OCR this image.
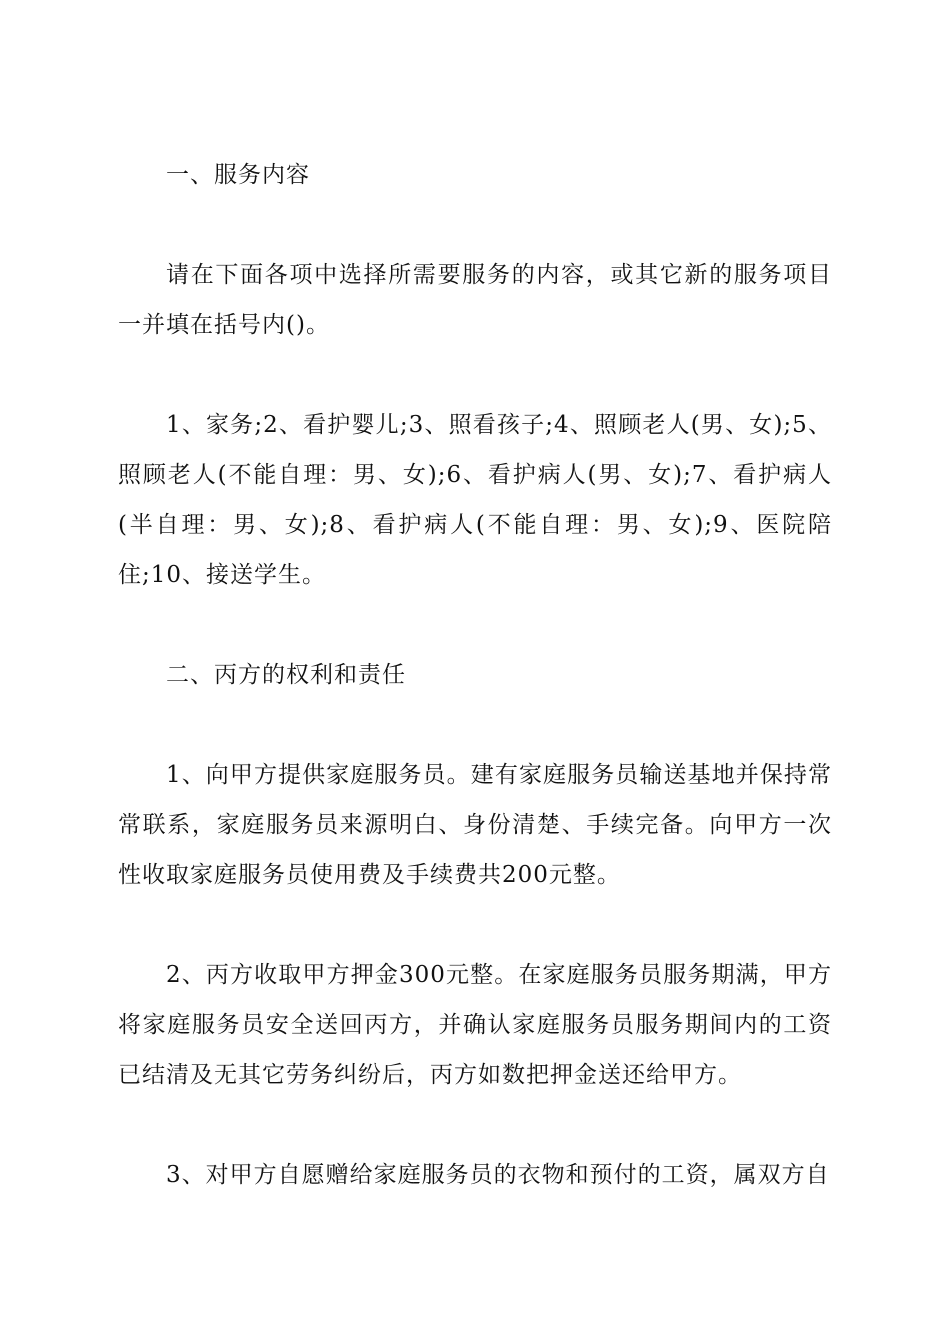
一、服务内容

请在下面各项中选择所需要服务的内容，或其它新的服务项目一并填在括号内()。

1、家务;2、看护婴儿;3、照看孩子;4、照顾老人(男、女);5、照顾老人(不能自理：男、女);6、看护病人(男、女);7、看护病人(半自理：男、女);8、看护病人(不能自理：男、女);9、医院陪住;10、接送学生。

二、丙方的权利和责任

1、向甲方提供家庭服务员。建有家庭服务员输送基地并保持常常联系，家庭服务员来源明白、身份清楚、手续完备。向甲方一次性收取家庭服务员使用费及手续费共200元整。

2、丙方收取甲方押金300元整。在家庭服务员服务期满，甲方将家庭服务员安全送回丙方，并确认家庭服务员服务期间内的工资已结清及无其它劳务纠纷后，丙方如数把押金送还给甲方。

3、对甲方自愿赠给家庭服务员的衣物和预付的工资，属双方自
